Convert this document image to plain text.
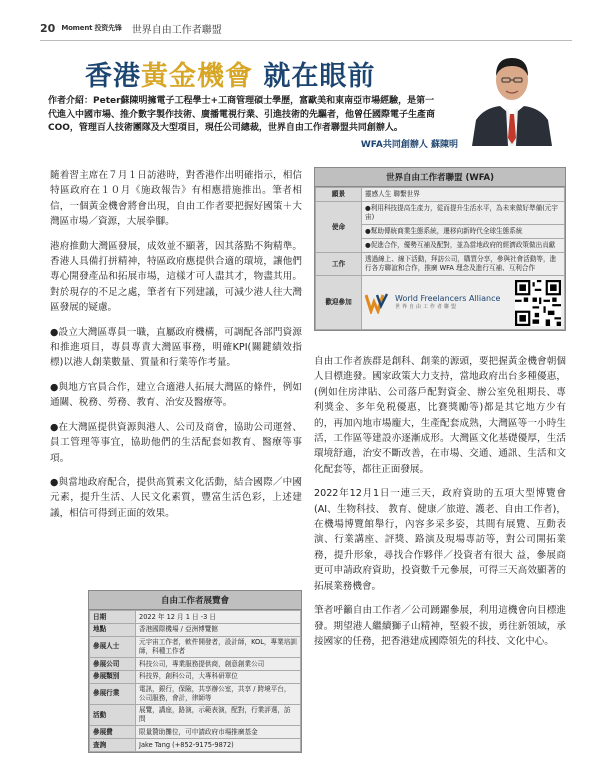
20 Moment 投资先锋 世界自由工作者聯盟
香港黃金機會 就在眼前
作者介紹：Peter蘇陳明擁電子工程學士+工商管理碩士學歷，富歐美和東南亞市場經驗，是第一代進入中國市場、推介數字製作技術、廣播電視行業、引進技術的先驅者，他曾任國際電子生產商COO，管理百人技術團隊及大型項目，現任公司總裁，世界自由工作者聯盟共同創辦人。
WFA共同創辦人 蘇陳明

隨着習主席在７月１日訪港時，對香港作出明確指示，相信特區政府在１０月《施政報告》有相應措施推出。筆者相信，一個黃金機會將會出現，自由工作者要把握好國策＋大灣區市場／資源，大展拳腳。

港府推動大灣區發展，成效並不顯著，因其落點不夠精準。香港人具備打拼精神，特區政府應提供合適的環境，讓他們專心開發產品和拓展市場，這樣才可人盡其才，物盡其用。對於現存的不足之處，筆者有下列建議，可減少港人往大灣區發展的疑慮。

●設立大灣區專員一職，直屬政府機構，可調配各部門資源和推進項目，專員專責大灣區事務，明確KPI(關鍵績效指標)以港人創業數量、質量和行業等作考量。

●與地方官員合作，建立合適港人拓展大灣區的條件，例如通關、稅務、勞務、教育、治安及醫療等。

●在大灣區提供資源與港人、公司及商會，協助公司運營、員工管理等事宜，協助他們的生活配套如教育、醫療等事項。

●與當地政府配合，提供高質素文化活動，結合國際／中國元素，提升生活、人民文化素質，豐富生活色彩，上述建議，相信可得到正面的效果。

世界自由工作者聯盟 (WFA)
願景	靈感人生 聯繫世界
使命	●利用科技提高生產力，從而提升生活水平，為未來做好準備(元宇宙)
	●幫助傳統商業生態系統，遷移向新時代全球生態系統
	●促進合作，優勢互補及配對，並為當地政府的經濟政策做出貢獻
工作	透過線上、線下活動，拜訪公司，購買分享，參與社會活動等，進行各方聯誼和合作，推廣 WFA 理念及進行互補、互利合作
歡迎參加	World Freelancers Alliance
世界自由工作者聯盟

自由工作者族群是創科、創業的源頭，要把握黃金機會朝個人目標進發。國家政策大力支持，當地政府出台多種優惠，(例如住房津貼、公司落戶配對資金、辦公室免租期長、專利獎金、多年免税優惠，比賽獎勵等)都是其它地方少有的，再加內地市場龐大，生產配套成熟，大灣區等一小時生活，工作區等建設亦逐漸成形。大灣區文化基礎優厚，生活環境舒適，治安不斷改善，在市場、交通、通訊、生活和文化配套等，都往正面發展。

2022年12月1日一連三天，政府資助的五項大型博覽會(AI、生物科技、 教育、健康／旅遊、護老、自由工作者)，在機場博覽館舉行，內容多采多姿，其間有展覽、互動表演、行業講座、評獎、路演及現場專訪等，對公司開拓業務，提升形象，尋找合作夥伴／投資者有很大 益，參展商更可申請政府資助，投資數千元參展，可得三天高效顯著的拓展業務機會。

筆者呼籲自由工作者／公司踴躍參展，利用這機會向目標進發。期望港人繼續獅子山精神，堅毅不拔，勇往新領域，承接國家的任務，把香港建成國際領先的科技、文化中心。

自由工作者展覽會
日期	2022 年 12 月 1 日 -3 日
地點	香港國際機場 / 亞洲博覽館
參展人士	元宇宙工作者，軟件開發者，設計師，KOL，專業培訓師，科種工作者
參展公司	科技公司，專業服務提供商，創意創業公司
參展類別	科技界，創科公司，大專科研單位
參展行業	電訊，銀行，保險，共享辦公室，共享 / 跨境平台，公司服務，會計，律師等
活動	展覽，講座，路演，示範表演，配對，行業評選，訪問
參展費	限量贊助攤位，可申請政府市場推廣基金
查詢	Jake Tang (+852-9175-9872)
